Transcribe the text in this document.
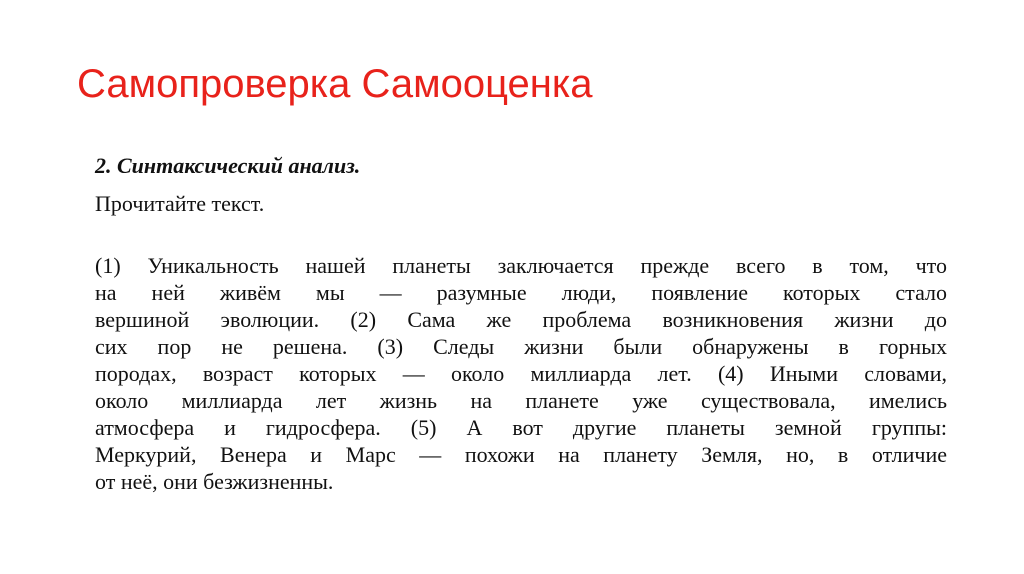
Самопроверка Самооценка

2. Синтаксический анализ.

Прочитайте текст.

(1) Уникальность нашей планеты заключается прежде всего в том, что
на ней живём мы — разумные люди, появление которых стало
вершиной эволюции. (2) Сама же проблема возникновения жизни до
сих пор не решена. (3) Следы жизни были обнаружены в горных
породах, возраст которых — около миллиарда лет. (4) Иными словами,
около миллиарда лет жизнь на планете уже существовала, имелись
атмосфера и гидросфера. (5) А вот другие планеты земной группы:
Меркурий, Венера и Марс — похожи на планету Земля, но, в отличие
от неё, они безжизненны.
